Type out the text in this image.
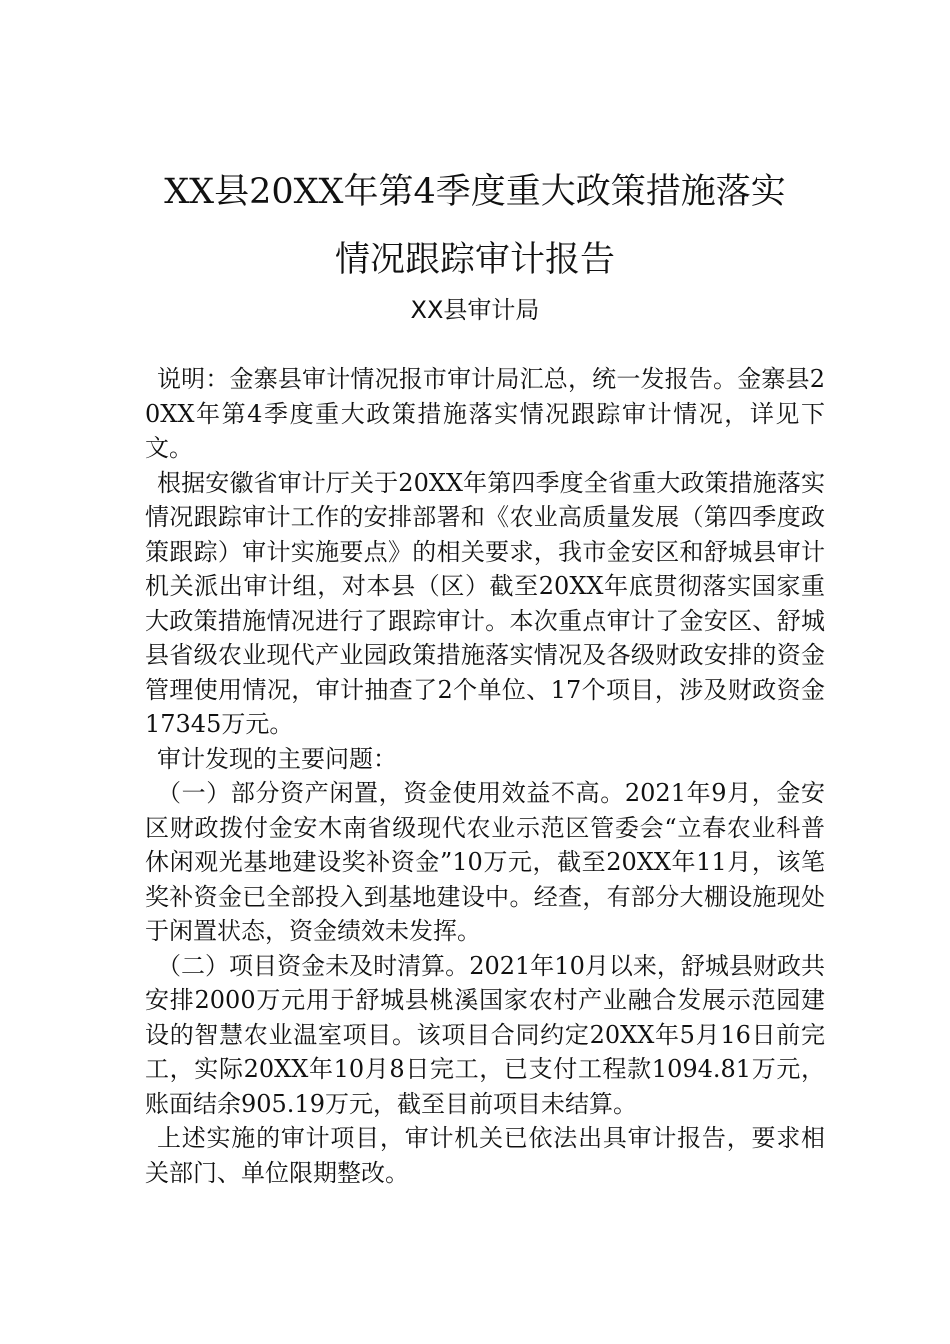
XX县20XX年第4季度重大政策措施落实
情况跟踪审计报告

XX县审计局

说明：金寨县审计情况报市审计局汇总，统一发报告。金寨县20XX年第4季度重大政策措施落实情况跟踪审计情况，详见下文。

根据安徽省审计厅关于20XX年第四季度全省重大政策措施落实情况跟踪审计工作的安排部署和《农业高质量发展（第四季度政策跟踪）审计实施要点》的相关要求，我市金安区和舒城县审计机关派出审计组，对本县（区）截至20XX年底贯彻落实国家重大政策措施情况进行了跟踪审计。本次重点审计了金安区、舒城县省级农业现代产业园政策措施落实情况及各级财政安排的资金管理使用情况，审计抽查了2个单位、17个项目，涉及财政资金17345万元。

审计发现的主要问题：

（一）部分资产闲置，资金使用效益不高。2021年9月，金安区财政拨付金安木南省级现代农业示范区管委会“立春农业科普休闲观光基地建设奖补资金”10万元，截至20XX年11月，该笔奖补资金已全部投入到基地建设中。经查，有部分大棚设施现处于闲置状态，资金绩效未发挥。

（二）项目资金未及时清算。2021年10月以来，舒城县财政共安排2000万元用于舒城县桃溪国家农村产业融合发展示范园建设的智慧农业温室项目。该项目合同约定20XX年5月16日前完工，实际20XX年10月8日完工，已支付工程款1094.81万元，账面结余905.19万元，截至目前项目未结算。

上述实施的审计项目，审计机关已依法出具审计报告，要求相关部门、单位限期整改。
